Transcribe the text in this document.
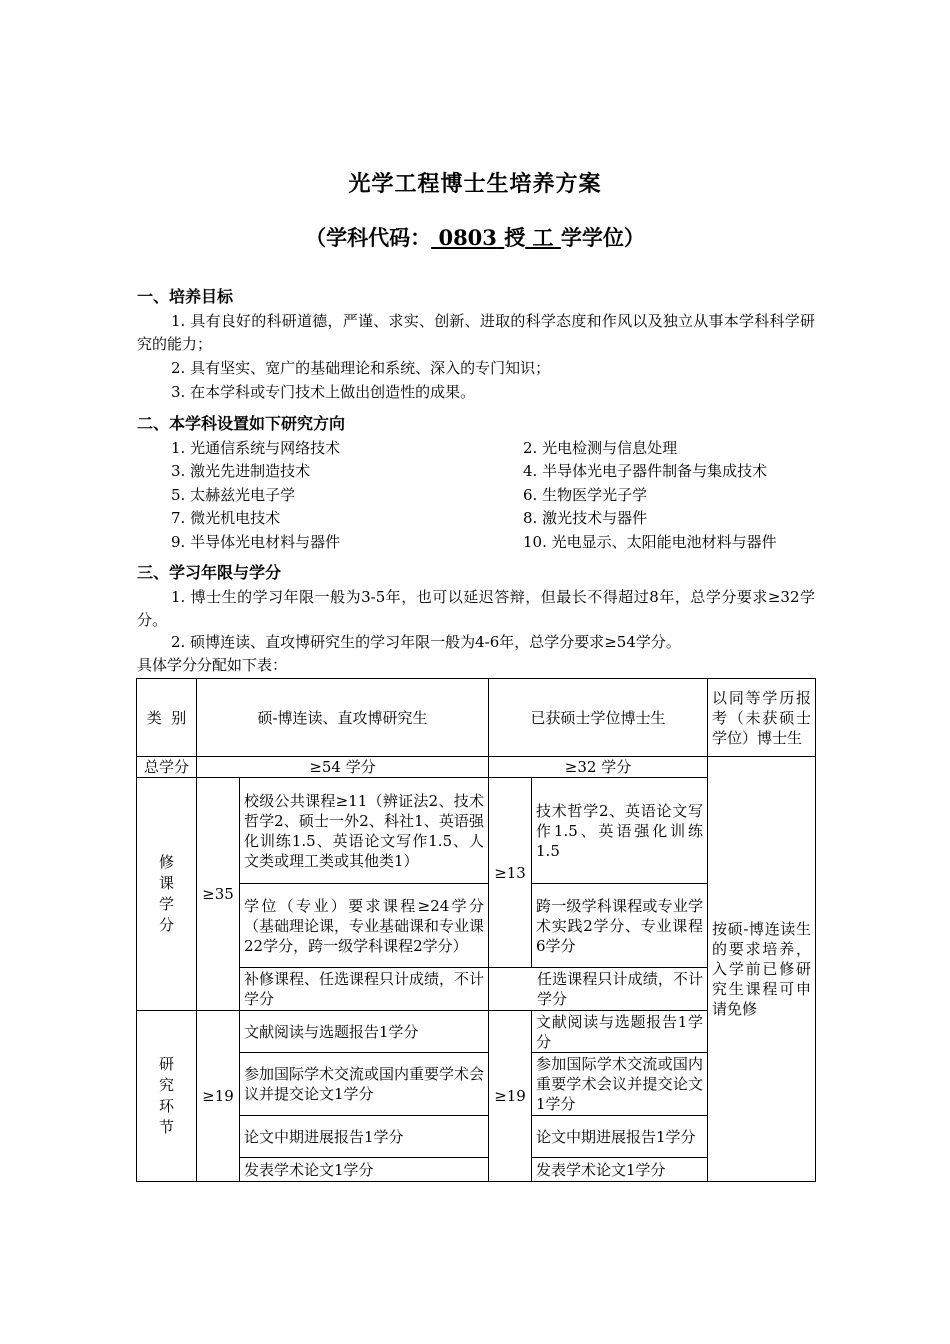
光学工程博士生培养方案
（学科代码： 0803 授 工 学学位）
一、培养目标
1. 具有良好的科研道德，严谨、求实、创新、进取的科学态度和作风以及独立从事本学科科学研究的能力；
2. 具有坚实、宽广的基础理论和系统、深入的专门知识；
3. 在本学科或专门技术上做出创造性的成果。
二、本学科设置如下研究方向
1. 光通信系统与网络技术	2. 光电检测与信息处理
3. 激光先进制造技术	4. 半导体光电子器件制备与集成技术
5. 太赫兹光电子学	6. 生物医学光子学
7. 微光机电技术	8. 激光技术与器件
9. 半导体光电材料与器件	10. 光电显示、太阳能电池材料与器件
三、学习年限与学分
1. 博士生的学习年限一般为3-5年，也可以延迟答辩，但最长不得超过8年，总学分要求≥32学分。
2. 硕博连读、直攻博研究生的学习年限一般为4-6年，总学分要求≥54学分。
具体学分分配如下表：
类  别	硕-博连读、直攻博研究生		已获硕士学位博士生		以同等学历报考（未获硕士学位）博士生
总学分	≥54 学分		≥32 学分		按硕-博连读生的要求培养，入学前已修研究生课程可申请免修
修课学分	≥35	校级公共课程≥11（辨证法2、技术哲学2、硕士一外2、科社1、英语强化训练1.5、英语论文写作1.5、人文类或理工类或其他类1）	≥13	技术哲学2、英语论文写作1.5、英语强化训练1.5	
		学位（专业）要求课程≥24学分（基础理论课，专业基础课和专业课22学分，跨一级学科课程2学分）		跨一级学科课程或专业学术实践2学分、专业课程6学分	
		补修课程、任选课程只计成绩，不计学分	任选课程只计成绩，不计学分		
研究环节	≥19	文献阅读与选题报告1学分	≥19	文献阅读与选题报告1学分	
		参加国际学术交流或国内重要学术会议并提交论文1学分		参加国际学术交流或国内重要学术会议并提交论文1学分	
		论文中期进展报告1学分		论文中期进展报告1学分	
		发表学术论文1学分		发表学术论文1学分	
